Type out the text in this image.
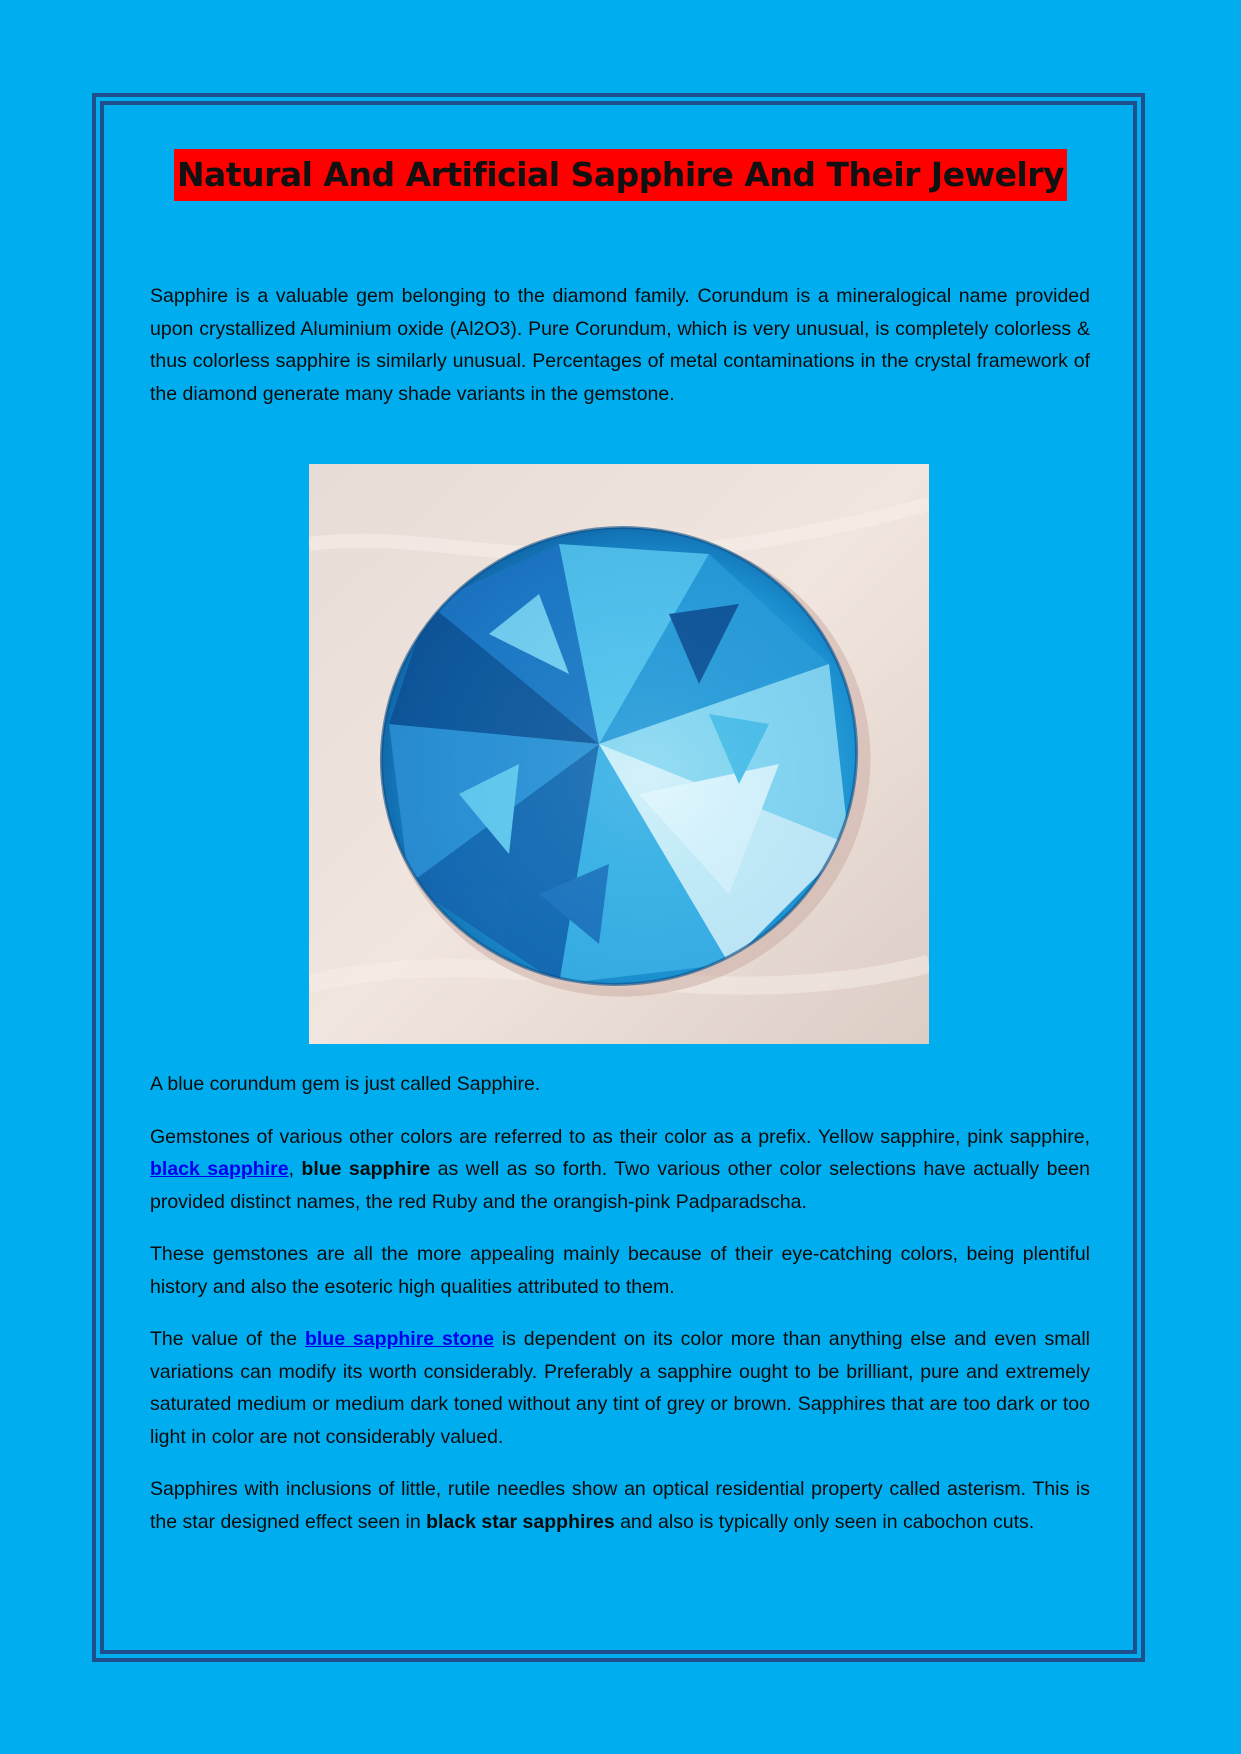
Natural And Artificial Sapphire And Their Jewelry

Sapphire is a valuable gem belonging to the diamond family. Corundum is a mineralogical name provided upon crystallized Aluminium oxide (Al2O3). Pure Corundum, which is very unusual, is completely colorless & thus colorless sapphire is similarly unusual. Percentages of metal contaminations in the crystal framework of the diamond generate many shade variants in the gemstone.

A blue corundum gem is just called Sapphire.

Gemstones of various other colors are referred to as their color as a prefix. Yellow sapphire, pink sapphire, black sapphire, blue sapphire as well as so forth. Two various other color selections have actually been provided distinct names, the red Ruby and the orangish-pink Padparadscha.

These gemstones are all the more appealing mainly because of their eye-catching colors, being plentiful history and also the esoteric high qualities attributed to them.

The value of the blue sapphire stone is dependent on its color more than anything else and even small variations can modify its worth considerably. Preferably a sapphire ought to be brilliant, pure and extremely saturated medium or medium dark toned without any tint of grey or brown. Sapphires that are too dark or too light in color are not considerably valued.

Sapphires with inclusions of little, rutile needles show an optical residential property called asterism. This is the star designed effect seen in black star sapphires and also is typically only seen in cabochon cuts.
